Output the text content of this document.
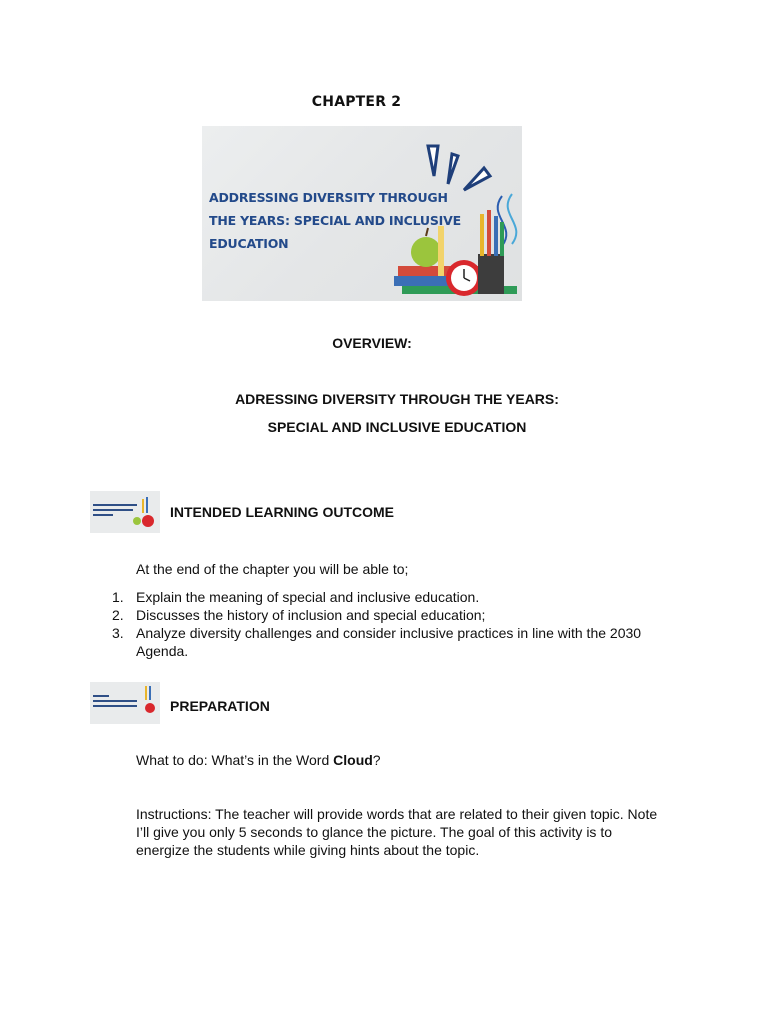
CHAPTER 2
ADDRESSING DIVERSITY THROUGH
THE YEARS: SPECIAL AND INCLUSIVE
EDUCATION
OVERVIEW:
ADRESSING DIVERSITY THROUGH THE YEARS:
SPECIAL AND INCLUSIVE EDUCATION
INTENDED LEARNING OUTCOME
At the end of the chapter you will be able to;
1. Explain the meaning of special and inclusive education.
2. Discusses the history of inclusion and special education;
3. Analyze diversity challenges and consider inclusive practices in line with the 2030 Agenda.
PREPARATION
What to do: What’s in the Word Cloud?
Instructions: The teacher will provide words that are related to their given topic. Note I’ll give you only 5 seconds to glance the picture. The goal of this activity is to energize the students while giving hints about the topic.
